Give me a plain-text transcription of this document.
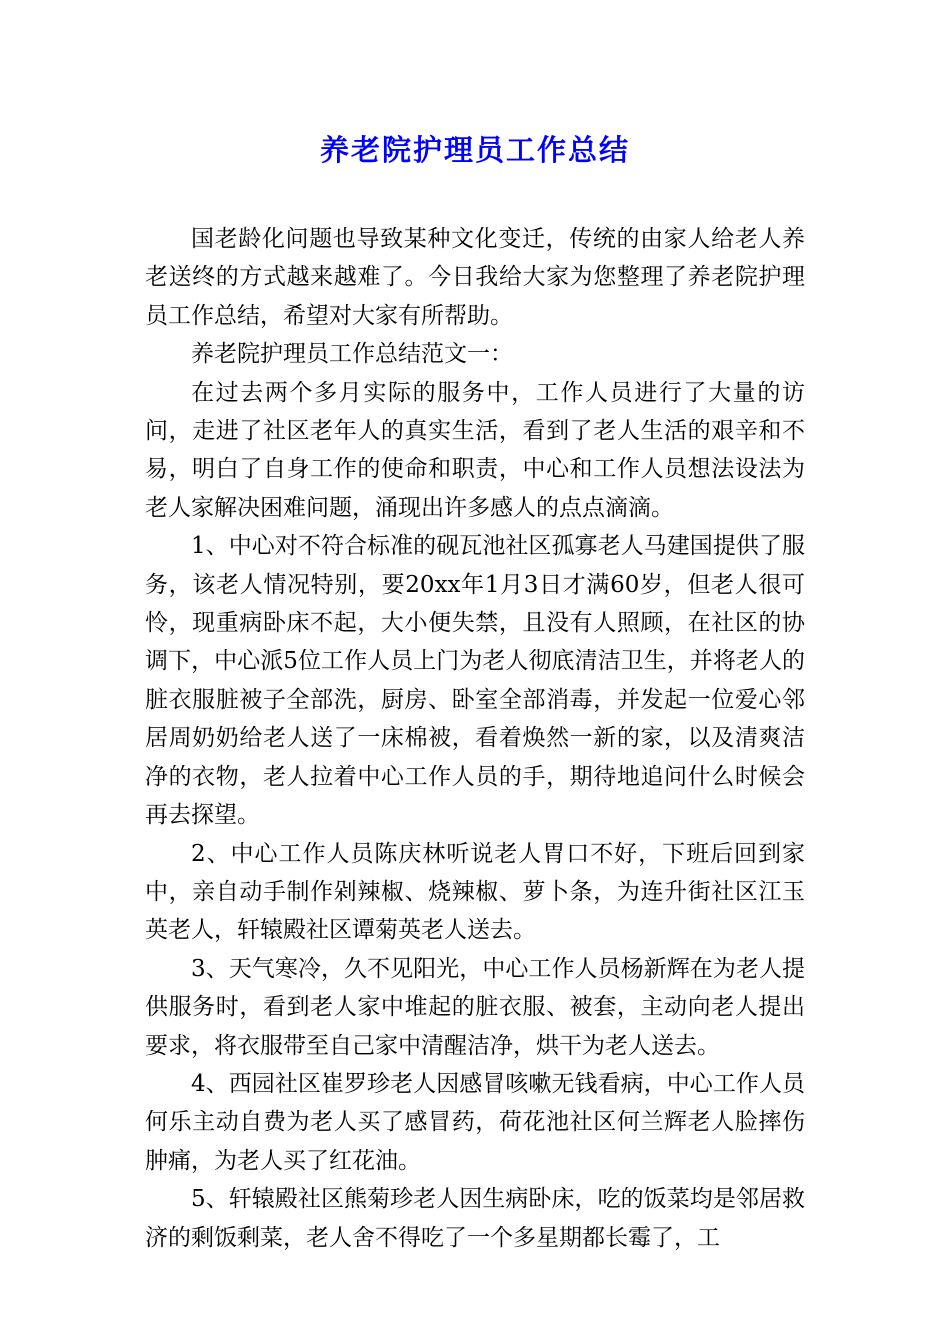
养老院护理员工作总结

国老龄化问题也导致某种文化变迁，传统的由家人给老人养老送终的方式越来越难了。今日我给大家为您整理了养老院护理员工作总结，希望对大家有所帮助。

养老院护理员工作总结范文一：

在过去两个多月实际的服务中，工作人员进行了大量的访问，走进了社区老年人的真实生活，看到了老人生活的艰辛和不易，明白了自身工作的使命和职责，中心和工作人员想法设法为老人家解决困难问题，涌现出许多感人的点点滴滴。

1、中心对不符合标准的砚瓦池社区孤寡老人马建国提供了服务，该老人情况特别，要20xx年1月3日才满60岁，但老人很可怜，现重病卧床不起，大小便失禁，且没有人照顾，在社区的协调下，中心派5位工作人员上门为老人彻底清洁卫生，并将老人的脏衣服脏被子全部洗，厨房、卧室全部消毒，并发起一位爱心邻居周奶奶给老人送了一床棉被，看着焕然一新的家，以及清爽洁净的衣物，老人拉着中心工作人员的手，期待地追问什么时候会再去探望。

2、中心工作人员陈庆林听说老人胃口不好，下班后回到家中，亲自动手制作剁辣椒、烧辣椒、萝卜条，为连升街社区江玉英老人，轩辕殿社区谭菊英老人送去。

3、天气寒冷，久不见阳光，中心工作人员杨新辉在为老人提供服务时，看到老人家中堆起的脏衣服、被套，主动向老人提出要求，将衣服带至自己家中清醒洁净，烘干为老人送去。

4、西园社区崔罗珍老人因感冒咳嗽无钱看病，中心工作人员何乐主动自费为老人买了感冒药，荷花池社区何兰辉老人脸摔伤肿痛，为老人买了红花油。

5、轩辕殿社区熊菊珍老人因生病卧床，吃的饭菜均是邻居救济的剩饭剩菜，老人舍不得吃了一个多星期都长霉了，工
